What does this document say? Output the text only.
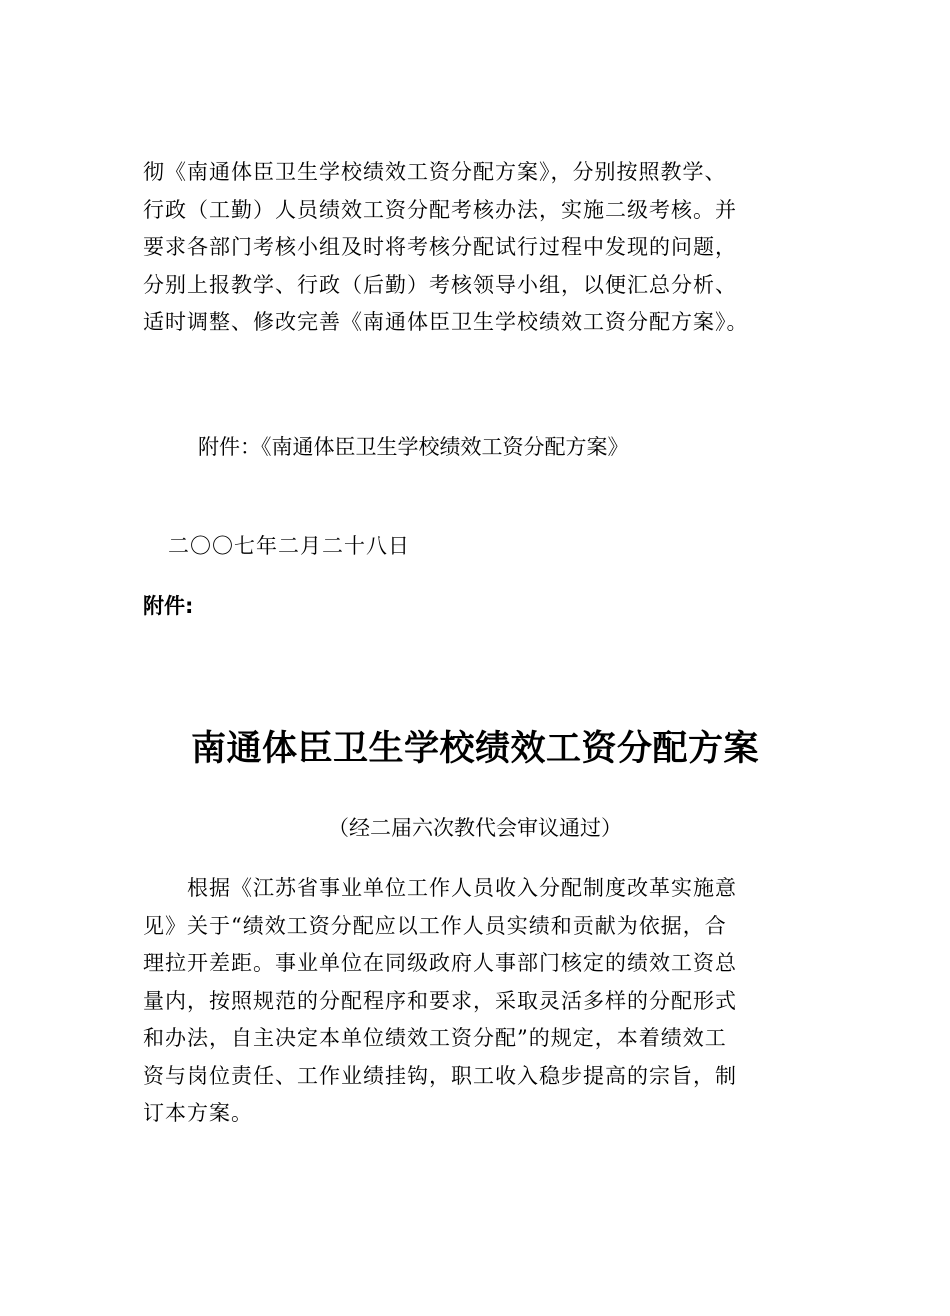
彻《南通体臣卫生学校绩效工资分配方案》，分别按照教学、
行政（工勤）人员绩效工资分配考核办法，实施二级考核。并
要求各部门考核小组及时将考核分配试行过程中发现的问题，
分别上报教学、行政（后勤）考核领导小组，以便汇总分析、
适时调整、修改完善《南通体臣卫生学校绩效工资分配方案》。
附件：《南通体臣卫生学校绩效工资分配方案》
二〇〇七年二月二十八日
附件:
南通体臣卫生学校绩效工资分配方案
（经二届六次教代会审议通过）
　　根据《江苏省事业单位工作人员收入分配制度改革实施意
见》关于“绩效工资分配应以工作人员实绩和贡献为依据，合
理拉开差距。事业单位在同级政府人事部门核定的绩效工资总
量内，按照规范的分配程序和要求，采取灵活多样的分配形式
和办法，自主决定本单位绩效工资分配”的规定，本着绩效工
资与岗位责任、工作业绩挂钩，职工收入稳步提高的宗旨，制
订本方案。
